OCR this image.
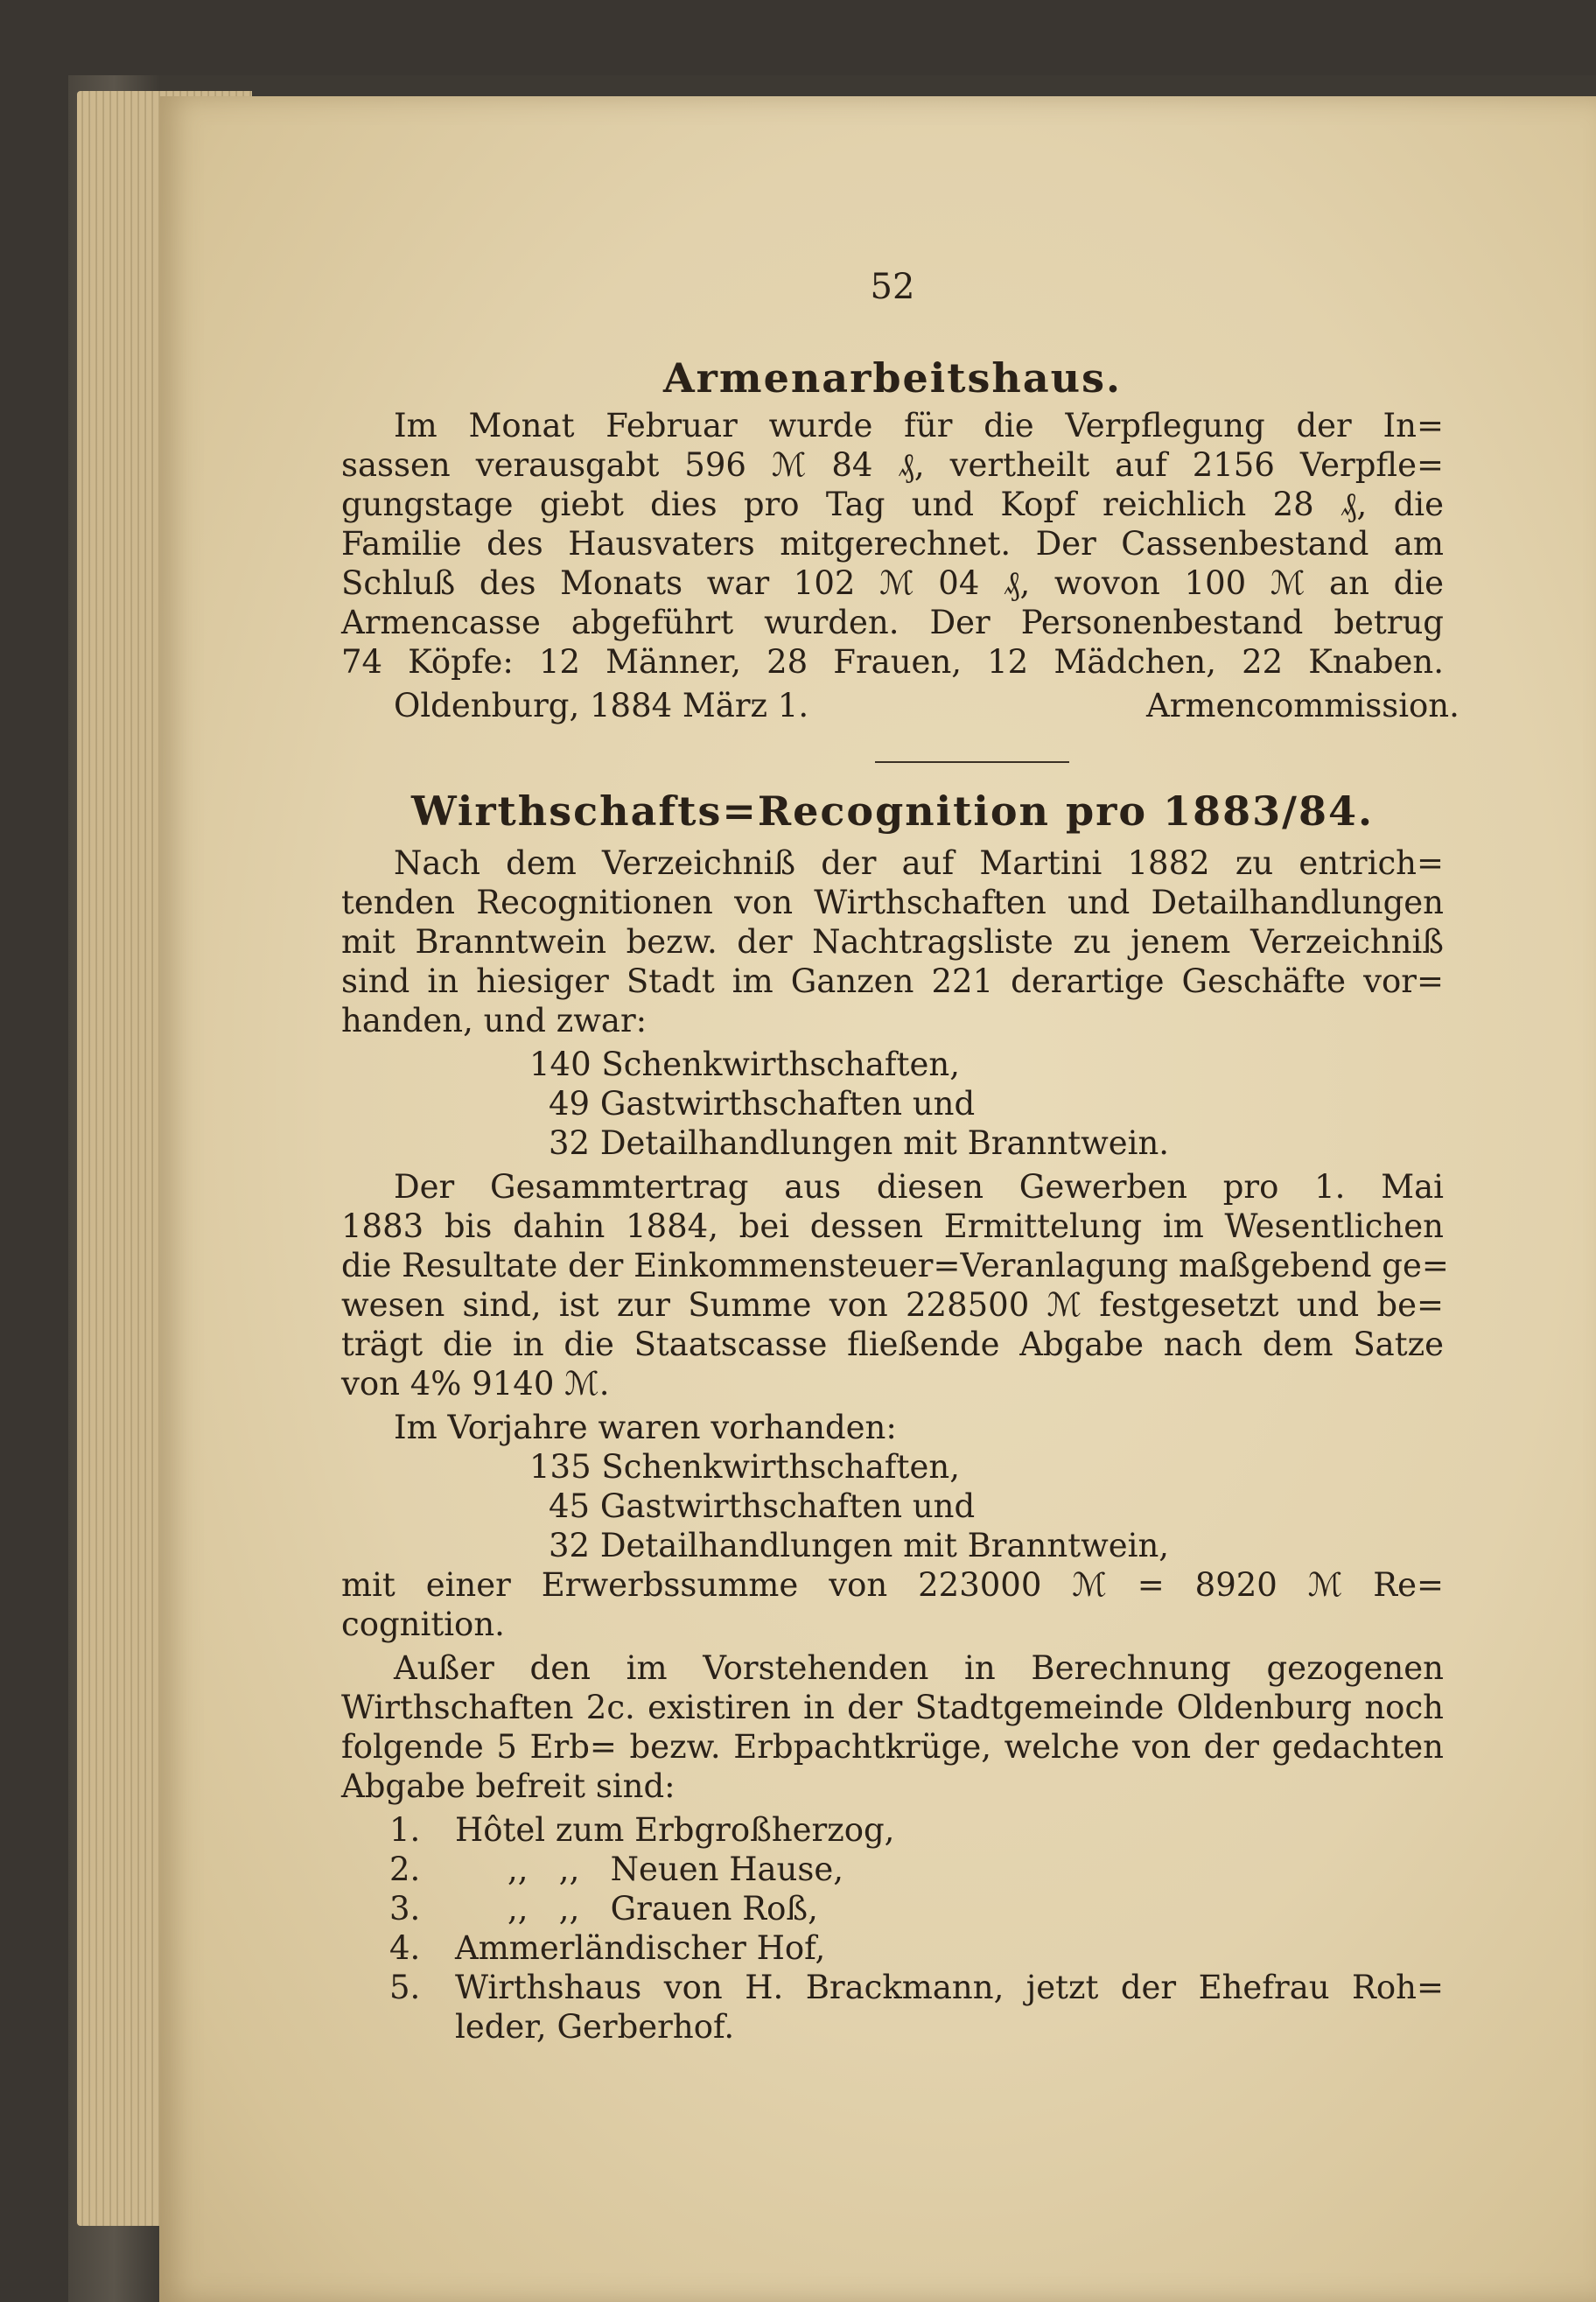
52
Armenarbeitshaus.
Im Monat Februar wurde für die Verpflegung der In=
sassen verausgabt 596 ℳ 84 ₰, vertheilt auf 2156 Verpfle=
gungstage giebt dies pro Tag und Kopf reichlich 28 ₰, die
Familie des Hausvaters mitgerechnet. Der Cassenbestand am
Schluß des Monats war 102 ℳ 04 ₰, wovon 100 ℳ an die
Armencasse abgeführt wurden. Der Personenbestand betrug
74 Köpfe: 12 Männer, 28 Frauen, 12 Mädchen, 22 Knaben.
Oldenburg, 1884 März 1.	Armencommission.
Wirthschafts=Recognition pro 1883/84.
Nach dem Verzeichniß der auf Martini 1882 zu entrich=
tenden Recognitionen von Wirthschaften und Detailhandlungen
mit Branntwein bezw. der Nachtragsliste zu jenem Verzeichniß
sind in hiesiger Stadt im Ganzen 221 derartige Geschäfte vor=
handen, und zwar:
140 Schenkwirthschaften,
49 Gastwirthschaften und
32 Detailhandlungen mit Branntwein.
Der Gesammtertrag aus diesen Gewerben pro 1. Mai
1883 bis dahin 1884, bei dessen Ermittelung im Wesentlichen
die Resultate der Einkommensteuer=Veranlagung maßgebend ge=
wesen sind, ist zur Summe von 228500 ℳ festgesetzt und be=
trägt die in die Staatscasse fließende Abgabe nach dem Satze
von 4% 9140 ℳ.
Im Vorjahre waren vorhanden:
135 Schenkwirthschaften,
45 Gastwirthschaften und
32 Detailhandlungen mit Branntwein,
mit einer Erwerbssumme von 223000 ℳ = 8920 ℳ Re=
cognition.
Außer den im Vorstehenden in Berechnung gezogenen
Wirthschaften 2c. existiren in der Stadtgemeinde Oldenburg noch
folgende 5 Erb= bezw. Erbpachtkrüge, welche von der gedachten
Abgabe befreit sind:
1. Hôtel zum Erbgroßherzog,
2.	,,   ,,   Neuen Hause,
3.	,,   ,,   Grauen Roß,
4. Ammerländischer Hof,
5. Wirthshaus von H. Brackmann, jetzt der Ehefrau Roh=
leder, Gerberhof.
